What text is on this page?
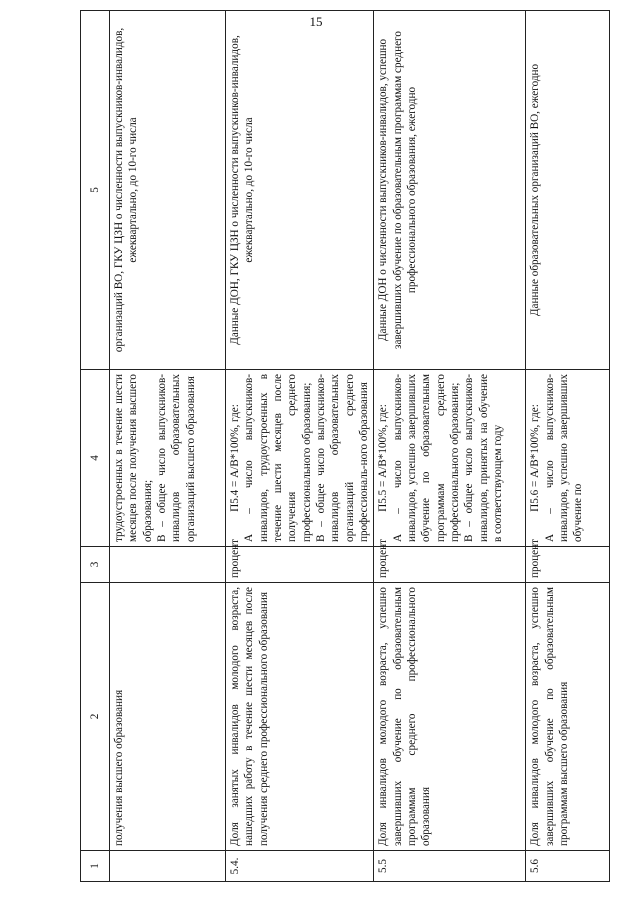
15
1	2	3	4	5
	получения высшего образования		трудоустроенных в течение шести месяцев после получения высшего образования; В – общее число выпускников-инвалидов образовательных организаций высшего образования	организаций ВО, ГКУ ЦЗН о численности выпускников-инвалидов, ежеквартально, до 10-го числа
5.4.	Доля занятых инвалидов молодого возраста, нашедших работу в течение шести месяцев после получения среднего профессионального образования	процент	П5.4 = А/В*100%, где: А – число выпускников-инвалидов, трудоустроенных в течение шести месяцев после получения среднего профессионального образования; В – общее число выпускников-инвалидов образовательных организаций среднего профессиональ-ного образования	Данные ДОН, ГКУ ЦЗН о численности выпускников-инвалидов, ежеквартально, до 10-го числа
5.5	Доля инвалидов молодого возраста, успешно завершивших обучение по образовательным программам среднего профессионального образования	процент	П5.5 = А/В*100%, где: А – число выпускников-инвалидов, успешно завершивших обучение по образовательным программам среднего профессионального образования; В – общее число выпускников-инвалидов, принятых на обучение в соответствующем году	Данные ДОН о численности выпускников-инвалидов, успешно завершивших обучение по образовательным программам среднего профессионального образования, ежегодно
5.6	Доля инвалидов молодого возраста, успешно завершивших обучение по образовательным программам высшего образования	процент	П5.6 = А/В*100%, где: А – число выпускников-инвалидов, успешно завершивших обучение по	Данные образовательных организаций ВО, ежегодно
